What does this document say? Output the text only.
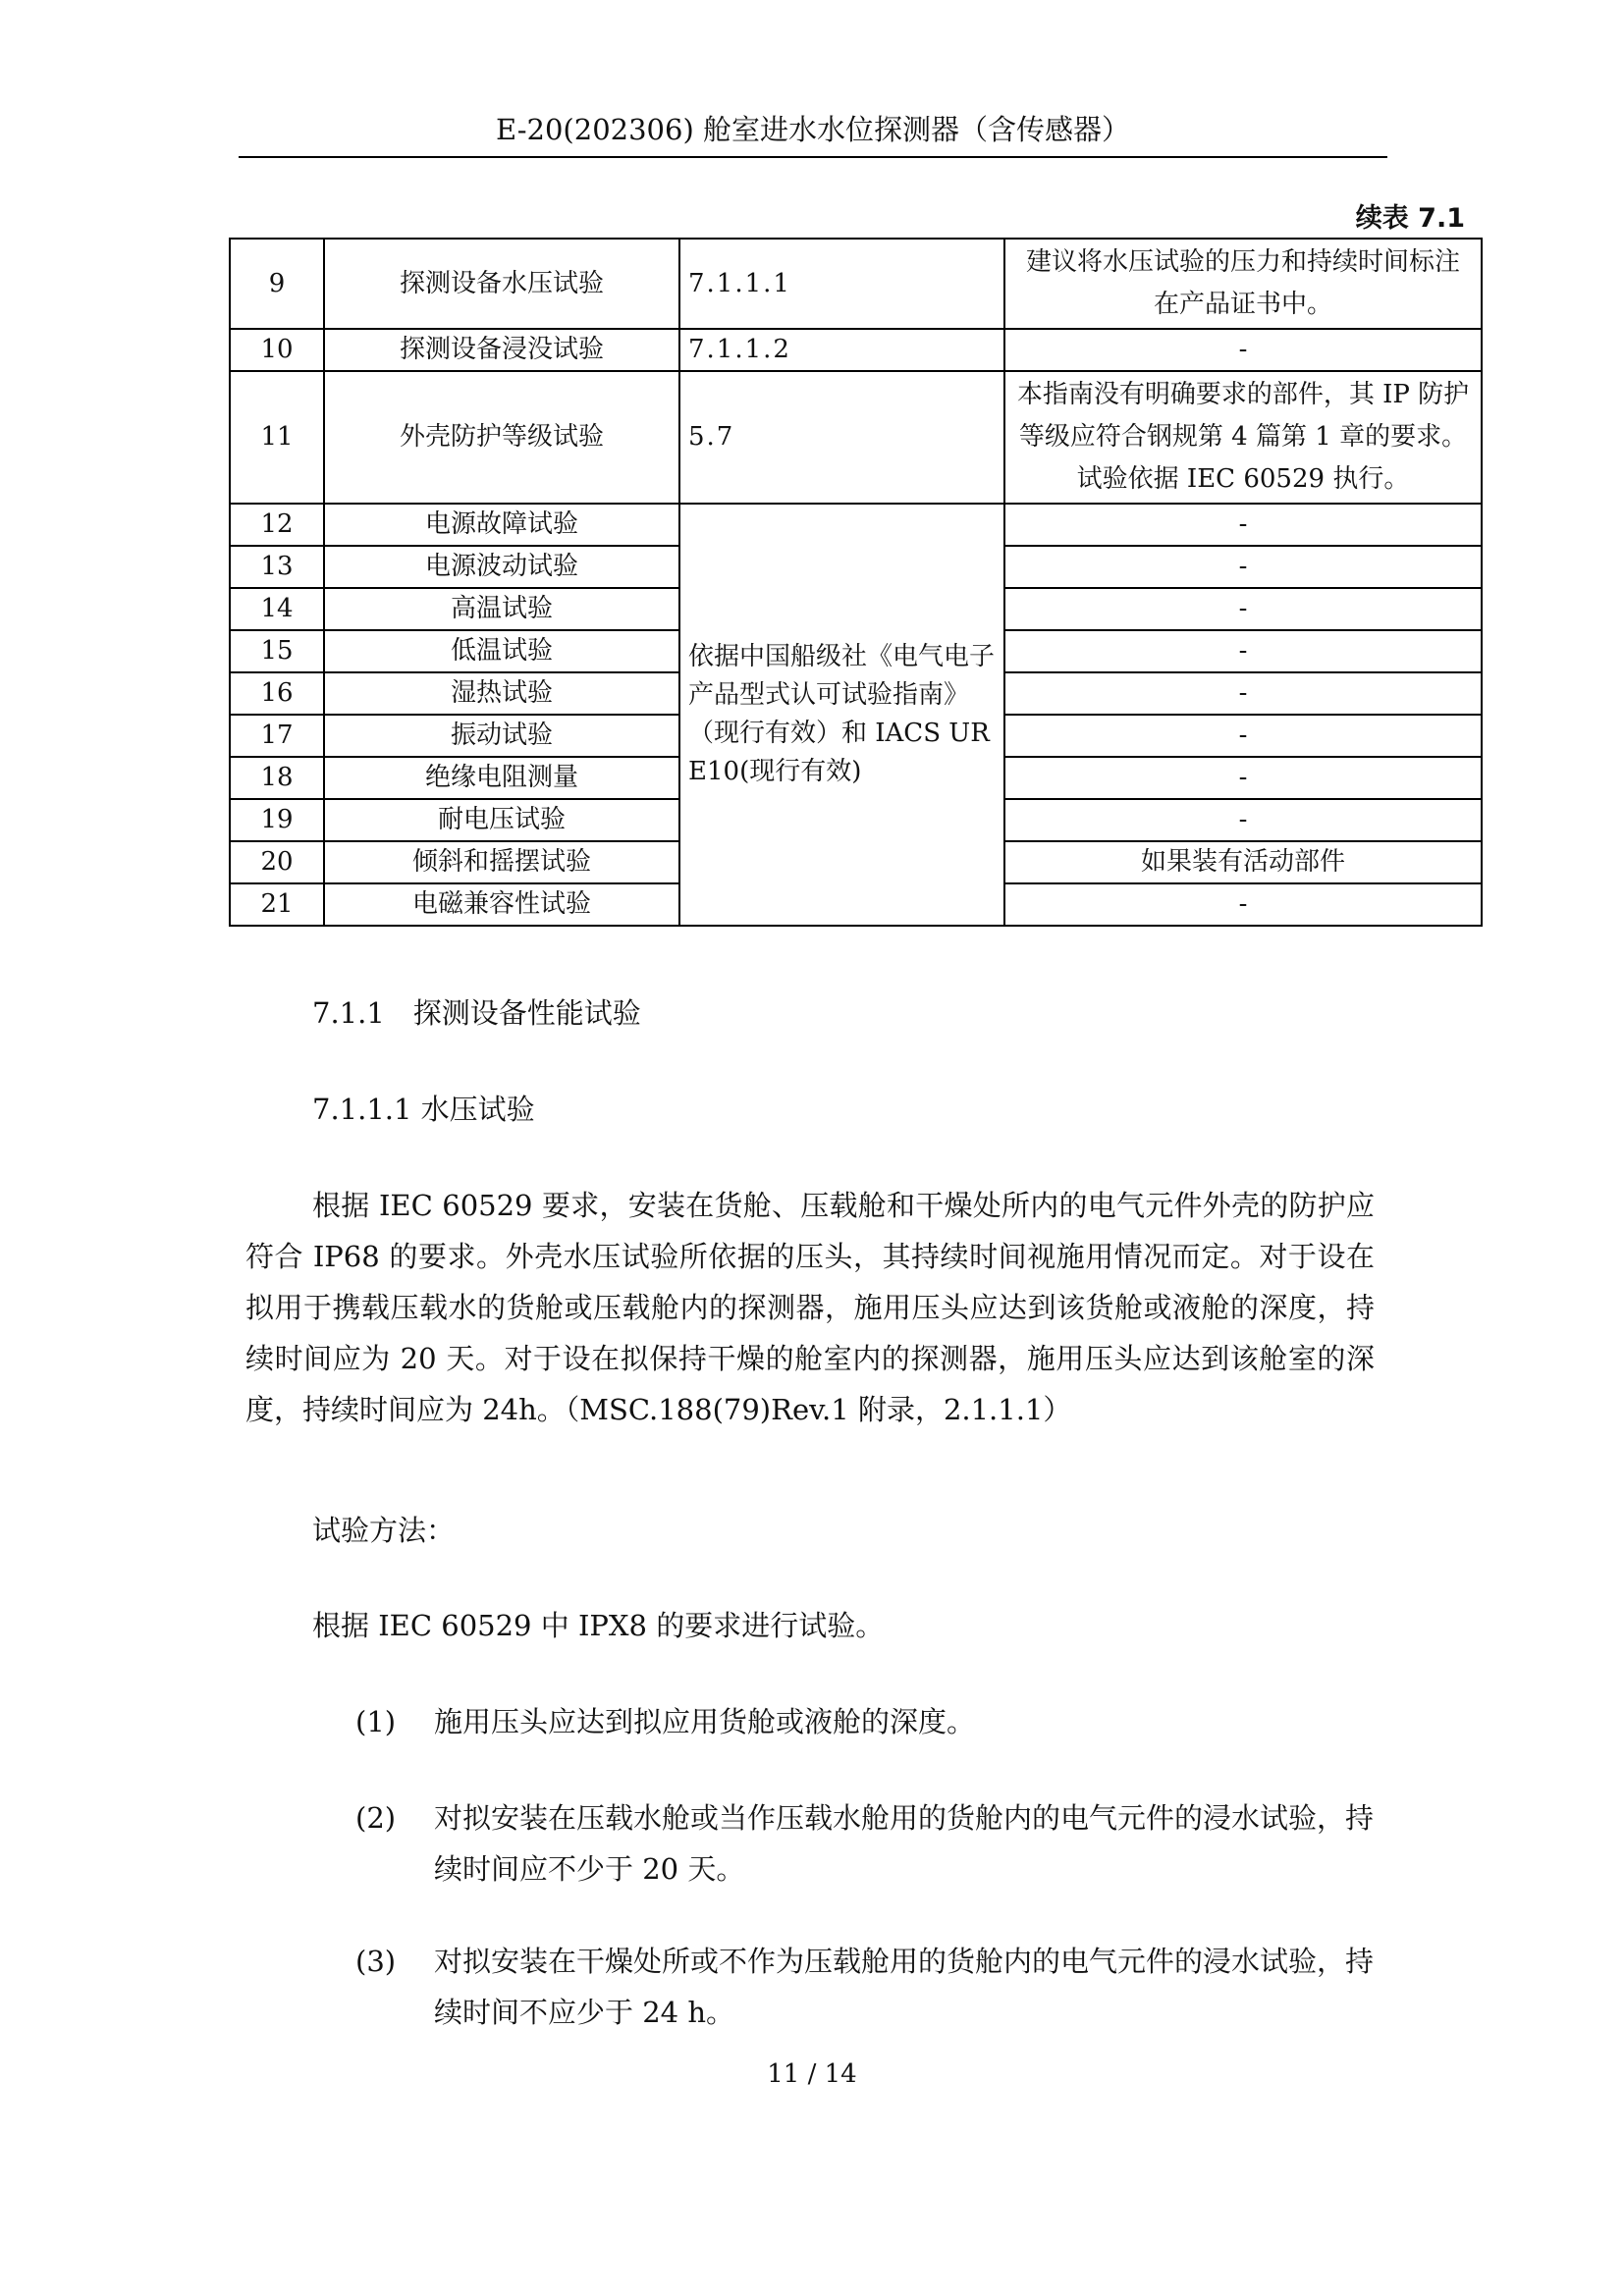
E-20(202306) 舱室进水水位探测器（含传感器）
续表 7.1
9	探测设备水压试验	7.1.1.1	建议将水压试验的压力和持续时间标注在产品证书中。
10	探测设备浸没试验	7.1.1.2	-
11	外壳防护等级试验	5.7	本指南没有明确要求的部件，其 IP 防护等级应符合钢规第 4 篇第 1 章的要求。试验依据 IEC 60529 执行。
12	电源故障试验	依据中国船级社《电气电子产品型式认可试验指南》（现行有效）和 IACS UR E10(现行有效)	-
13	电源波动试验		-
14	高温试验		-
15	低温试验		-
16	湿热试验		-
17	振动试验		-
18	绝缘电阻测量		-
19	耐电压试验		-
20	倾斜和摇摆试验		如果装有活动部件
21	电磁兼容性试验		-
7.1.1　探测设备性能试验
7.1.1.1 水压试验
根据 IEC 60529 要求，安装在货舱、压载舱和干燥处所内的电气元件外壳的防护应符合 IP68 的要求。外壳水压试验所依据的压头，其持续时间视施用情况而定。对于设在拟用于携载压载水的货舱或压载舱内的探测器，施用压头应达到该货舱或液舱的深度，持续时间应为 20 天。对于设在拟保持干燥的舱室内的探测器，施用压头应达到该舱室的深度，持续时间应为 24h。（MSC.188(79)Rev.1 附录，2.1.1.1）
试验方法：
根据 IEC 60529 中 IPX8 的要求进行试验。
(1) 施用压头应达到拟应用货舱或液舱的深度。
(2) 对拟安装在压载水舱或当作压载水舱用的货舱内的电气元件的浸水试验，持续时间应不少于 20 天。
(3) 对拟安装在干燥处所或不作为压载舱用的货舱内的电气元件的浸水试验，持续时间不应少于 24 h。
11 / 14
